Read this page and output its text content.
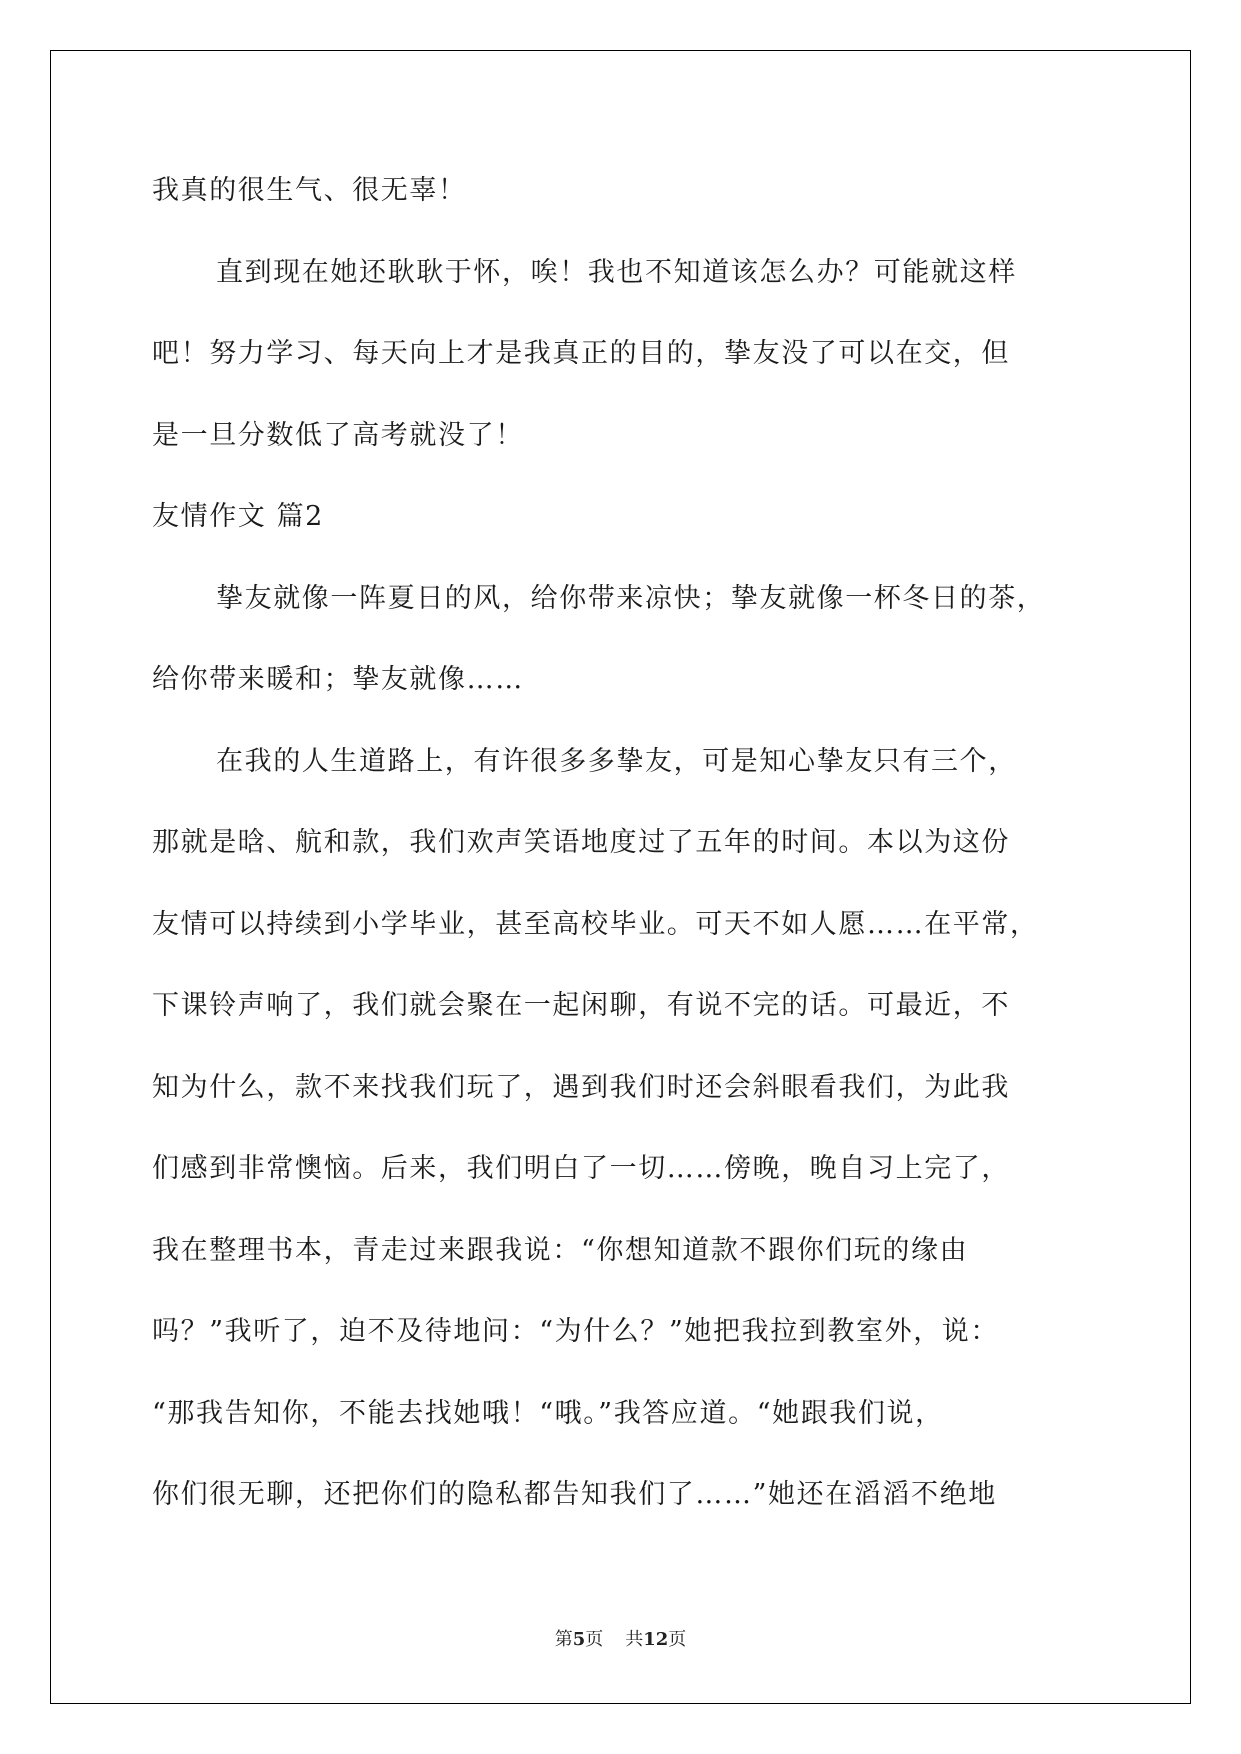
我真的很生气、很无辜！

直到现在她还耿耿于怀，唉！我也不知道该怎么办？可能就这样

吧！努力学习、每天向上才是我真正的目的，挚友没了可以在交，但

是一旦分数低了高考就没了！

友情作文 篇2

挚友就像一阵夏日的风，给你带来凉快；挚友就像一杯冬日的茶，

给你带来暖和；挚友就像……

在我的人生道路上，有许很多多挚友，可是知心挚友只有三个，

那就是晗、航和款，我们欢声笑语地度过了五年的时间。本以为这份

友情可以持续到小学毕业，甚至高校毕业。可天不如人愿……在平常，

下课铃声响了，我们就会聚在一起闲聊，有说不完的话。可最近，不

知为什么，款不来找我们玩了，遇到我们时还会斜眼看我们，为此我

们感到非常懊恼。后来，我们明白了一切……傍晚，晚自习上完了，

我在整理书本，青走过来跟我说：“你想知道款不跟你们玩的缘由

吗？”我听了，迫不及待地问：“为什么？”她把我拉到教室外，说：

“那我告知你，不能去找她哦！“哦。”我答应道。“她跟我们说，

你们很无聊，还把你们的隐私都告知我们了……”她还在滔滔不绝地

第5页 共12页
